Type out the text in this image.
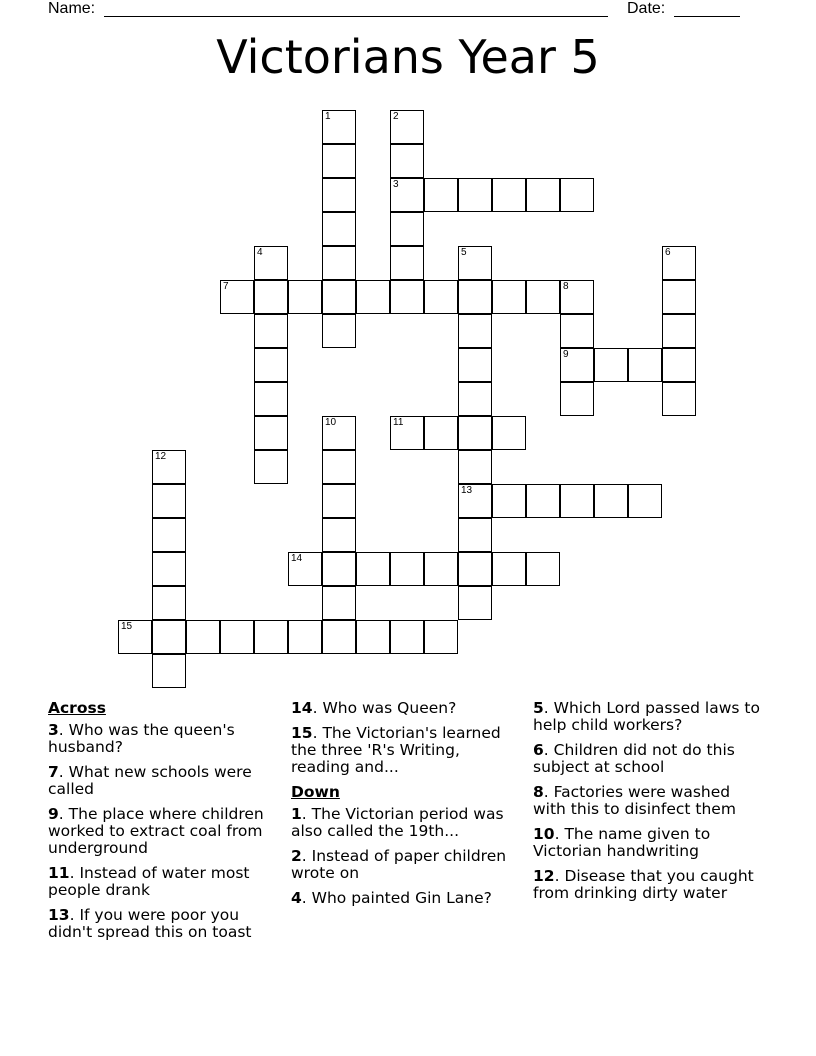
Name:	Date:
Victorians Year 5
1	2
3
4	5
13
6
7	8
9
10	11
12
14
15
Across
3. Who was the queen's husband?
7. What new schools were called
9. The place where children worked to extract coal from underground
11. Instead of water most people drank
13. If you were poor you didn't spread this on toast
14. Who was Queen?
15. The Victorian's learned the three 'R's Writing, reading and...
Down
1. The Victorian period was also called the 19th...
2. Instead of paper children wrote on
4. Who painted Gin Lane?
5. Which Lord passed laws to help child workers?
6. Children did not do this subject at school
8. Factories were washed with this to disinfect them
10. The name given to Victorian handwriting
12. Disease that you caught from drinking dirty water
